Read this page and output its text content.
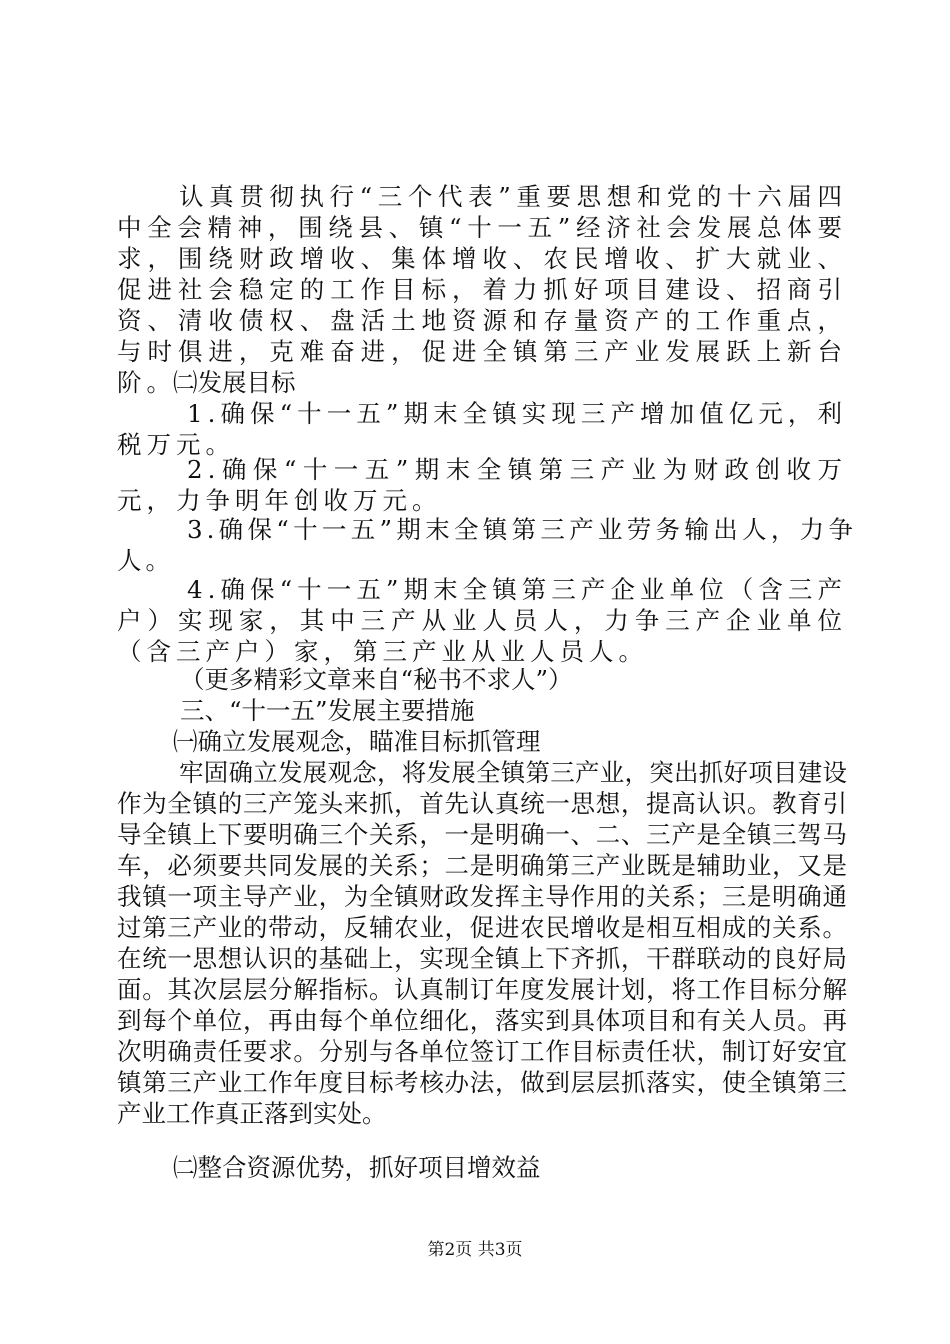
认真贯彻执行“三个代表”重要思想和党的十六届四中全会精神，围绕县、镇“十一五”经济社会发展总体要求，围绕财政增收、集体增收、农民增收、扩大就业、促进社会稳定的工作目标，着力抓好项目建设、招商引资、清收债权、盘活土地资源和存量资产的工作重点，与时俱进，克难奋进，促进全镇第三产业发展跃上新台阶。

㈡发展目标

1.确保“十一五”期末全镇实现三产增加值亿元，利税万元。

2.确保“十一五”期末全镇第三产业为财政创收万元，力争明年创收万元。

3.确保“十一五”期末全镇第三产业劳务输出人，力争人。

4.确保“十一五”期末全镇第三产企业单位（含三产户）实现家，其中三产从业人员人，力争三产企业单位（含三产户）家，第三产业从业人员人。

（更多精彩文章来自“秘书不求人”）

三、“十一五”发展主要措施

㈠确立发展观念，瞄准目标抓管理

牢固确立发展观念，将发展全镇第三产业，突出抓好项目建设作为全镇的三产笼头来抓，首先认真统一思想，提高认识。教育引导全镇上下要明确三个关系，一是明确一、二、三产是全镇三驾马车，必须要共同发展的关系；二是明确第三产业既是辅助业，又是我镇一项主导产业，为全镇财政发挥主导作用的关系；三是明确通过第三产业的带动，反辅农业，促进农民增收是相互相成的关系。在统一思想认识的基础上，实现全镇上下齐抓，干群联动的良好局面。其次层层分解指标。认真制订年度发展计划，将工作目标分解到每个单位，再由每个单位细化，落实到具体项目和有关人员。再次明确责任要求。分别与各单位签订工作目标责任状，制订好安宜镇第三产业工作年度目标考核办法，做到层层抓落实，使全镇第三产业工作真正落到实处。

㈡整合资源优势，抓好项目增效益

第2页 共3页
